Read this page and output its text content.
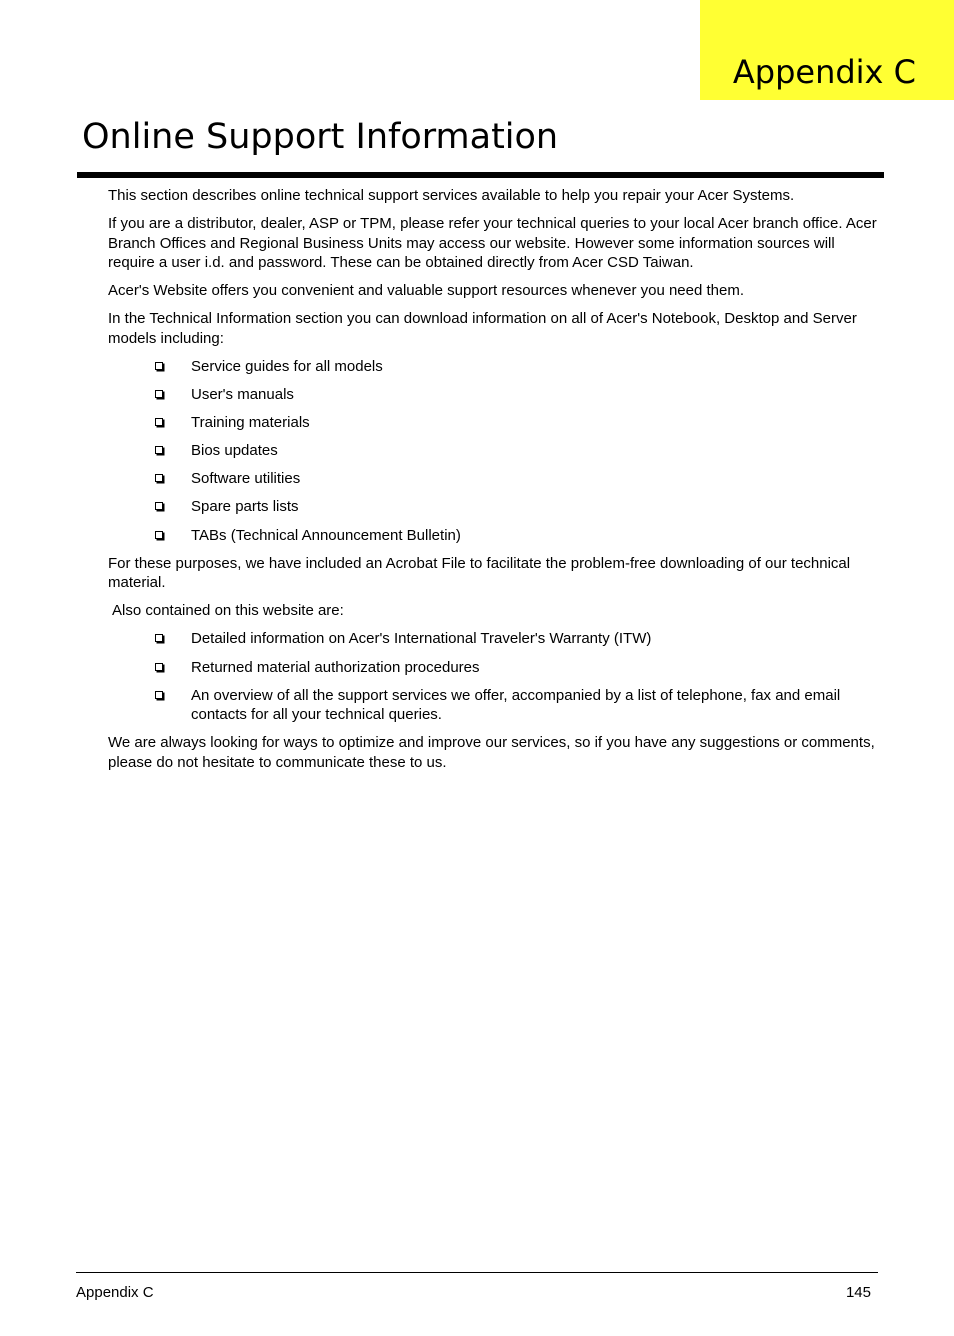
Appendix C
Online Support Information

This section describes online technical support services available to help you repair your Acer Systems.

If you are a distributor, dealer, ASP or TPM, please refer your technical queries to your local Acer branch office. Acer Branch Offices and Regional Business Units may access our website. However some information sources will require a user i.d. and password. These can be obtained directly from Acer CSD Taiwan.

Acer's Website offers you convenient and valuable support resources whenever you need them.

In the Technical Information section you can download information on all of Acer's Notebook, Desktop and Server models including:

Service guides for all models
User's manuals
Training materials
Bios updates
Software utilities
Spare parts lists
TABs (Technical Announcement Bulletin)

For these purposes, we have included an Acrobat File to facilitate the problem-free downloading of our technical material.

Also contained on this website are:

Detailed information on Acer's International Traveler's Warranty (ITW)
Returned material authorization procedures
An overview of all the support services we offer, accompanied by a list of telephone, fax and email contacts for all your technical queries.

We are always looking for ways to optimize and improve our services, so if you have any suggestions or comments, please do not hesitate to communicate these to us.

Appendix C	145
